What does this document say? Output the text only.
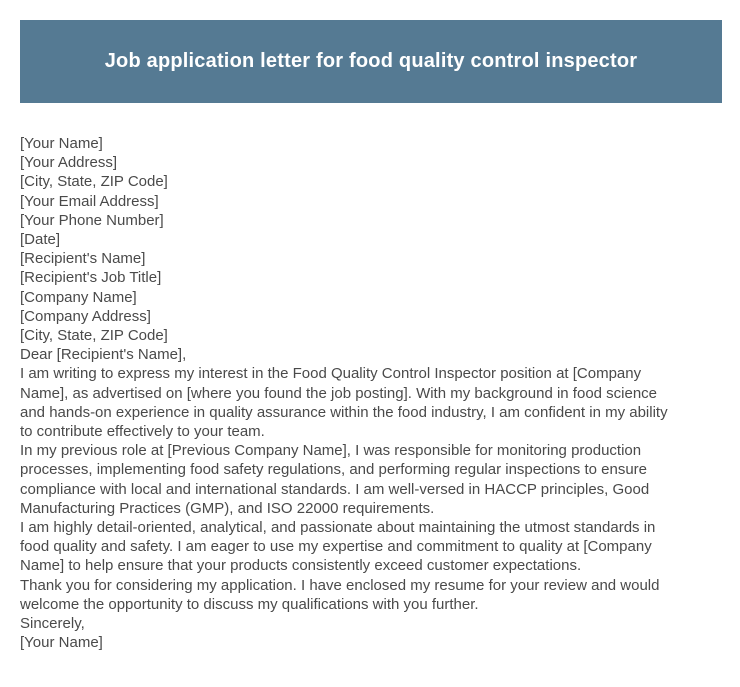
Job application letter for food quality control inspector
[Your Name]
[Your Address]
[City, State, ZIP Code]
[Your Email Address]
[Your Phone Number]
[Date]
[Recipient's Name]
[Recipient's Job Title]
[Company Name]
[Company Address]
[City, State, ZIP Code]
Dear [Recipient's Name],
I am writing to express my interest in the Food Quality Control Inspector position at [Company
Name], as advertised on [where you found the job posting]. With my background in food science
and hands-on experience in quality assurance within the food industry, I am confident in my ability
to contribute effectively to your team.
In my previous role at [Previous Company Name], I was responsible for monitoring production
processes, implementing food safety regulations, and performing regular inspections to ensure
compliance with local and international standards. I am well-versed in HACCP principles, Good
Manufacturing Practices (GMP), and ISO 22000 requirements.
I am highly detail-oriented, analytical, and passionate about maintaining the utmost standards in
food quality and safety. I am eager to use my expertise and commitment to quality at [Company
Name] to help ensure that your products consistently exceed customer expectations.
Thank you for considering my application. I have enclosed my resume for your review and would
welcome the opportunity to discuss my qualifications with you further.
Sincerely,
[Your Name]
